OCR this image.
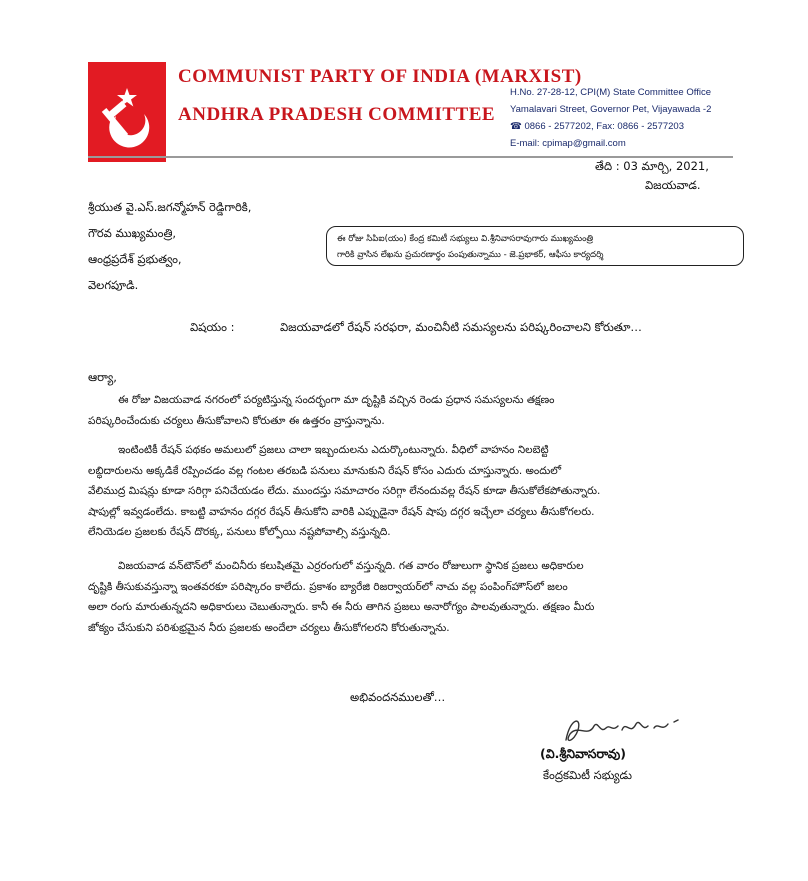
COMMUNIST PARTY OF INDIA (MARXIST)
ANDHRA PRADESH COMMITTEE
H.No. 27-28-12, CPI(M) State Committee Office
Yamalavari Street, Governor Pet, Vijayawada -2
☎ 0866 - 2577202, Fax: 0866 - 2577203
E-mail: cpimap@gmail.com
తేది : 03 మార్చి, 2021,
విజయవాడ.
శ్రీయుత వై.ఎస్.జగన్మోహన్ రెడ్డిగారికి,
గౌరవ ముఖ్యమంత్రి,
ఆంధ్రప్రదేశ్ ప్రభుత్వం,
వెలగపూడి.
ఈ రోజు సిపిఐ(యం) కేంద్ర కమిటీ సభ్యులు వి.శ్రీనివాసరావుగారు ముఖ్యమంత్రి
గారికి వ్రాసిన లేఖను ప్రచురణార్ధం పంపుతున్నాము - జె.ప్రభాకర్, ఆఫీసు కార్యదర్శి
విషయం :	విజయవాడలో రేషన్ సరఫరా, మంచినీటి సమస్యలను పరిష్కరించాలని కోరుతూ…
ఆర్యా,
ఈ రోజు విజయవాడ నగరంలో పర్యటిస్తున్న సందర్భంగా మా దృష్టికి వచ్చిన రెండు ప్రధాన సమస్యలను తక్షణం
పరిష్కరించేందుకు చర్యలు తీసుకోవాలని కోరుతూ ఈ ఉత్తరం వ్రాస్తున్నాను.
ఇంటింటికీ రేషన్ పథకం అమలులో ప్రజలు చాలా ఇబ్బందులను ఎదుర్కొంటున్నారు. వీధిలో వాహనం నిలబెట్టి
లబ్ధిదారులను అక్కడికే రప్పించడం వల్ల గంటల తరబడి పనులు మానుకుని రేషన్ కోసం ఎదురు చూస్తున్నారు. అందులో
వేలిముద్ర మిషన్లు కూడా సరిగ్గా పనిచేయడం లేదు. ముందస్తు సమాచారం సరిగ్గా లేనందువల్ల రేషన్ కూడా తీసుకోలేకపోతున్నారు.
షాపుల్లో ఇవ్వడంలేదు. కాబట్టి వాహనం దగ్గర రేషన్ తీసుకోని వారికి ఎప్పుడైనా రేషన్ షాపు దగ్గర ఇచ్చేలా చర్యలు తీసుకోగలరు.
లేనియెడల ప్రజలకు రేషన్ దొరక్క, పనులు కోల్పోయి నష్టపోవాల్సి వస్తున్నది.
విజయవాడ వన్‌టౌన్‌లో మంచినీరు కలుషితమై ఎర్రరంగులో వస్తున్నది. గత వారం రోజులుగా స్థానిక ప్రజలు అధికారుల
దృష్టికి తీసుకువస్తున్నా ఇంతవరకూ పరిష్కారం కాలేదు. ప్రకాశం బ్యారేజి రిజర్వాయర్‌లో నాచు వల్ల పంపింగ్‌హౌస్‌లో జలం
అలా రంగు మారుతున్నదని అధికారులు చెబుతున్నారు. కానీ ఈ నీరు తాగిన ప్రజలు అనారోగ్యం పాలవుతున్నారు. తక్షణం మీరు
జోక్యం చేసుకుని పరిశుభ్రమైన నీరు ప్రజలకు అందేలా చర్యలు తీసుకోగలరని కోరుతున్నాను.
అభివందనములతో…
(వి.శ్రీనివాసరావు)
కేంద్రకమిటీ సభ్యుడు
